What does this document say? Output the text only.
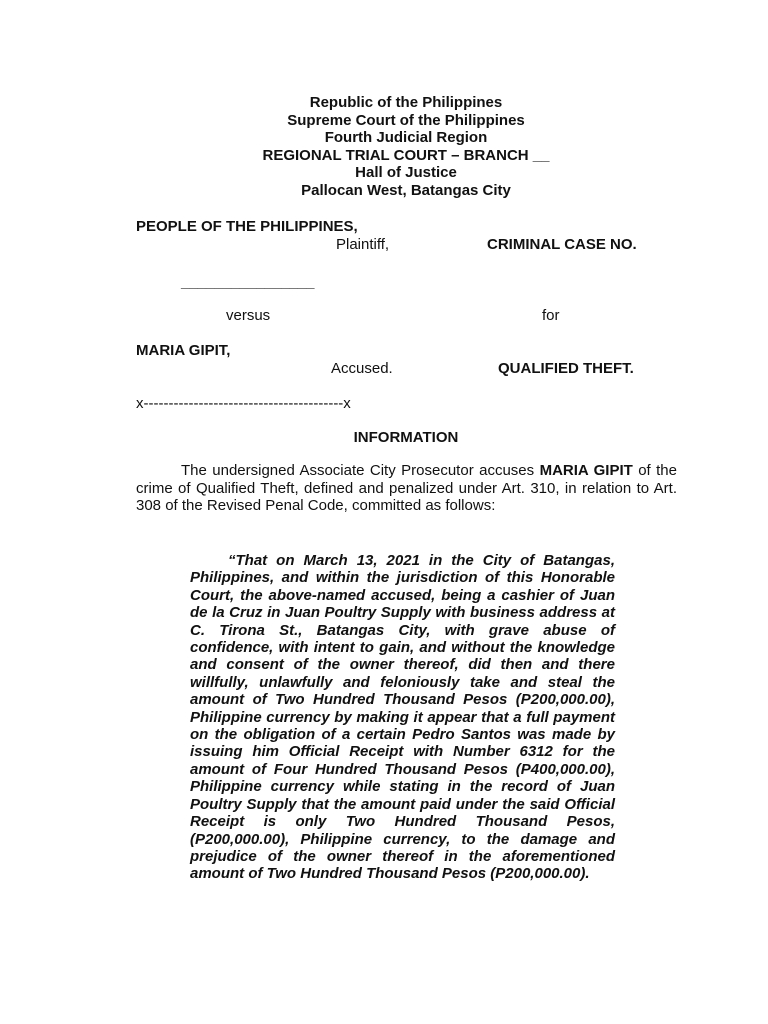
Republic of the Philippines
Supreme Court of the Philippines
Fourth Judicial Region
REGIONAL TRIAL COURT – BRANCH __
Hall of Justice
Pallocan West, Batangas City
PEOPLE OF THE PHILIPPINES,
Plaintiff,	CRIMINAL CASE NO.
________________
versus	for
MARIA GIPIT,
Accused.	QUALIFIED THEFT.
x----------------------------------------x
INFORMATION
The undersigned Associate City Prosecutor accuses MARIA GIPIT of the crime of Qualified Theft, defined and penalized under Art. 310, in relation to Art. 308 of the Revised Penal Code, committed as follows:
“That on March 13, 2021 in the City of Batangas, Philippines, and within the jurisdiction of this Honorable Court, the above-named accused, being a cashier of Juan de la Cruz in Juan Poultry Supply with business address at C. Tirona St., Batangas City, with grave abuse of confidence, with intent to gain, and without the knowledge and consent of the owner thereof, did then and there willfully, unlawfully and feloniously take and steal the amount of Two Hundred Thousand Pesos (P200,000.00), Philippine currency by making it appear that a full payment on the obligation of a certain Pedro Santos was made by issuing him Official Receipt with Number 6312 for the amount of Four Hundred Thousand Pesos (P400,000.00), Philippine currency while stating in the record of Juan Poultry Supply that the amount paid under the said Official Receipt is only Two Hundred Thousand Pesos, (P200,000.00), Philippine currency, to the damage and prejudice of the owner thereof in the aforementioned amount of Two Hundred Thousand Pesos (P200,000.00).
